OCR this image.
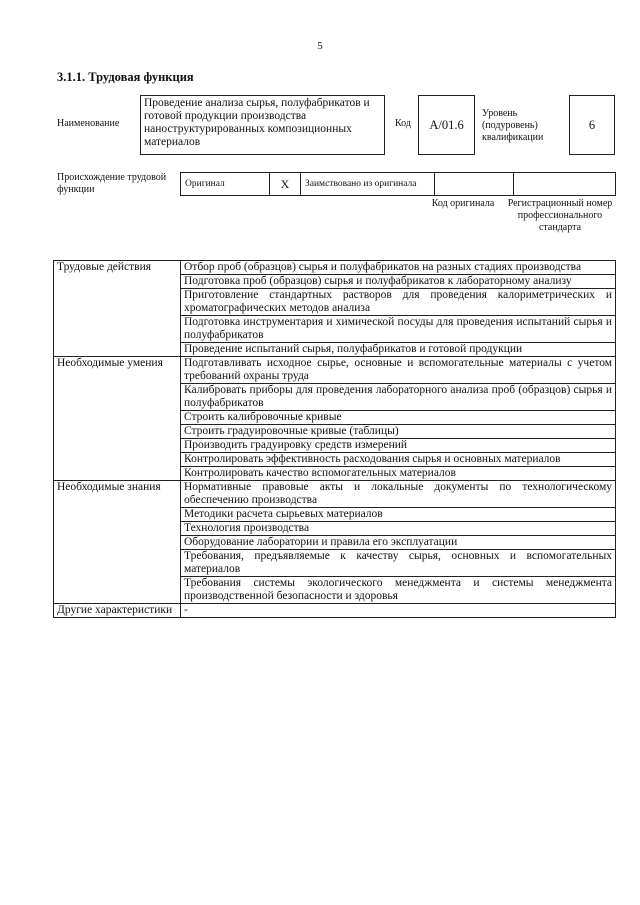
5
3.1.1. Трудовая функция
Наименование
Проведение анализа сырья, полуфабрикатов и готовой продукции производства наноструктурированных композиционных материалов
Код	А/01.6
Уровень (подуровень) квалификации
6
Происхождение трудовой функции	Оригинал	X	Заимствовано из оригинала		
Код оригинала	Регистрационный номер профессионального стандарта
Трудовые действия	Отбор проб (образцов) сырья и полуфабрикатов на разных стадиях производства
	Подготовка проб (образцов) сырья и полуфабрикатов к лабораторному анализу
	Приготовление стандартных растворов для проведения калориметрических и хроматографических методов анализа
	Подготовка инструментария и химической посуды для проведения испытаний сырья и полуфабрикатов
	Проведение испытаний сырья, полуфабрикатов и готовой продукции
Необходимые умения	Подготавливать исходное сырье, основные и вспомогательные материалы с учетом требований охраны труда
	Калибровать приборы для проведения лабораторного анализа проб (образцов) сырья и полуфабрикатов
	Строить калибровочные кривые
	Строить градуировочные кривые (таблицы)
	Производить градуировку средств измерений
	Контролировать эффективность расходования сырья и основных материалов
	Контролировать качество вспомогательных материалов
Необходимые знания	Нормативные правовые акты и локальные документы по технологическому обеспечению производства
	Методики расчета сырьевых материалов
	Технология производства
	Оборудование лаборатории и правила его эксплуатации
	Требования, предъявляемые к качеству сырья, основных и вспомогательных материалов
	Требования системы экологического менеджмента и системы менеджмента производственной безопасности и здоровья
Другие характеристики	-
